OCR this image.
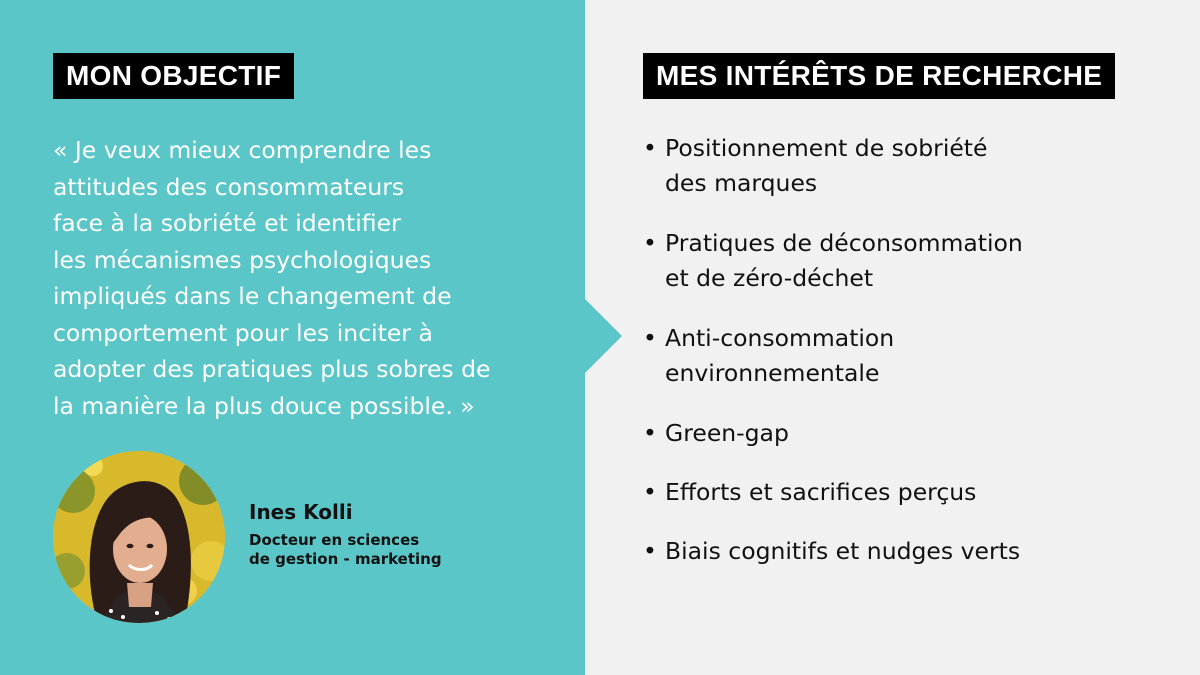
MON OBJECTIF

« Je veux mieux comprendre les
attitudes des consommateurs
face à la sobriété et identifier
les mécanismes psychologiques
impliqués dans le changement de
comportement pour les inciter à
adopter des pratiques plus sobres de
la manière la plus douce possible. »

Ines Kolli
Docteur en sciences
de gestion - marketing
MES INTÉRÊTS DE RECHERCHE
• Positionnement de sobriété
des marques
• Pratiques de déconsommation
et de zéro-déchet
• Anti-consommation
environnementale
• Green-gap
• Efforts et sacrifices perçus
• Biais cognitifs et nudges verts
